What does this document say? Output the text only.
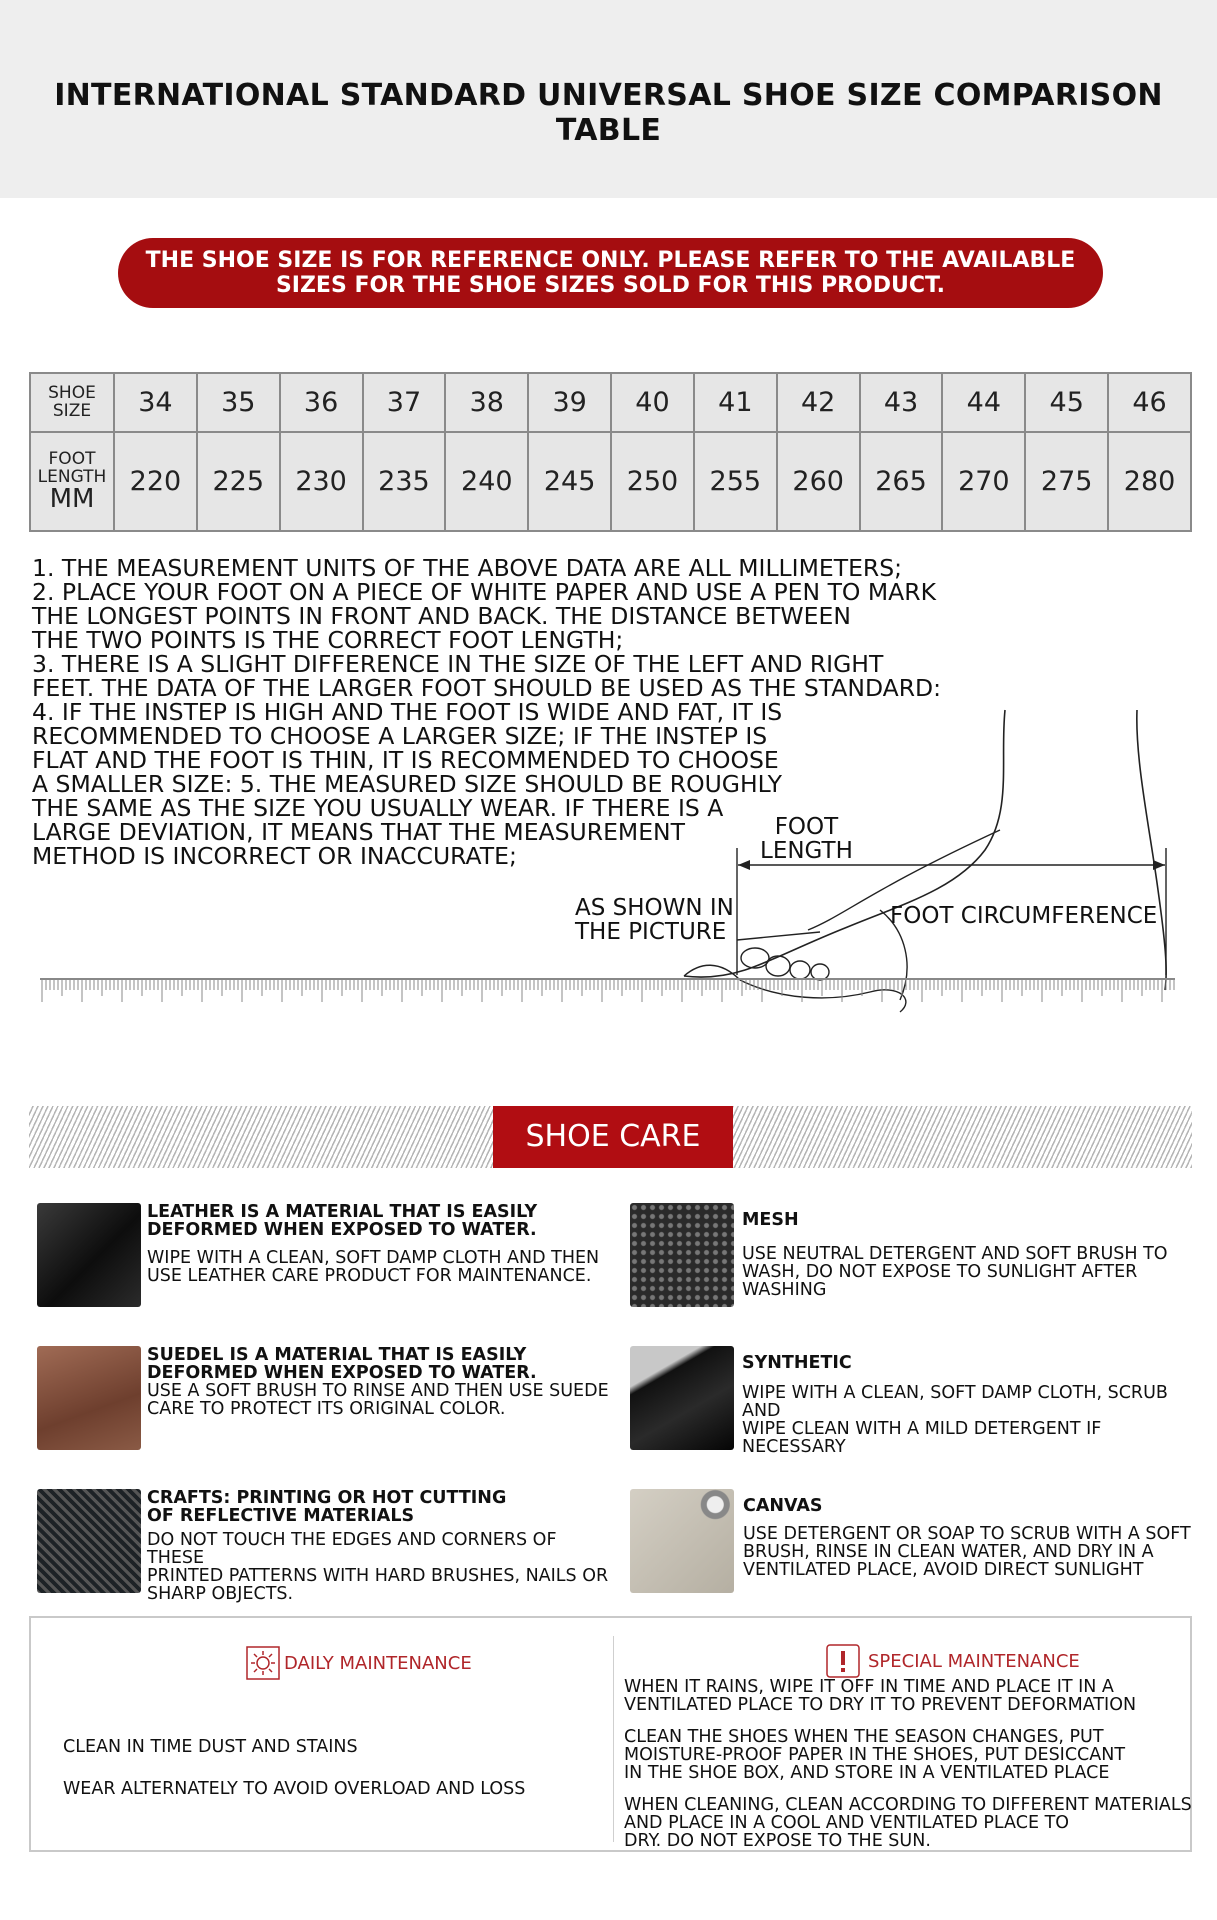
INTERNATIONAL STANDARD UNIVERSAL SHOE SIZE COMPARISON TABLE
THE SHOE SIZE IS FOR REFERENCE ONLY. PLEASE REFER TO THE AVAILABLE
SIZES FOR THE SHOE SIZES SOLD FOR THIS PRODUCT.
SHOE
SIZE	34	35	36	37	38	39	40	41	42	43	44	45	46

FOOT
LENGTH
MM	220	225	230	235	240	245	250	255	260	265	270	275	280
1. THE MEASUREMENT UNITS OF THE ABOVE DATA ARE ALL MILLIMETERS;
2. PLACE YOUR FOOT ON A PIECE OF WHITE PAPER AND USE A PEN TO MARK
THE LONGEST POINTS IN FRONT AND BACK. THE DISTANCE BETWEEN
THE TWO POINTS IS THE CORRECT FOOT LENGTH;
3. THERE IS A SLIGHT DIFFERENCE IN THE SIZE OF THE LEFT AND RIGHT
FEET. THE DATA OF THE LARGER FOOT SHOULD BE USED AS THE STANDARD:
4. IF THE INSTEP IS HIGH AND THE FOOT IS WIDE AND FAT, IT IS
RECOMMENDED TO CHOOSE A LARGER SIZE; IF THE INSTEP IS
FLAT AND THE FOOT IS THIN, IT IS RECOMMENDED TO CHOOSE
A SMALLER SIZE: 5. THE MEASURED SIZE SHOULD BE ROUGHLY
THE SAME AS THE SIZE YOU USUALLY WEAR. IF THERE IS A
LARGE DEVIATION, IT MEANS THAT THE MEASUREMENT
METHOD IS INCORRECT OR INACCURATE;
FOOT
LENGTH
AS SHOWN IN
THE PICTURE
FOOT CIRCUMFERENCE
SHOE CARE
LEATHER IS A MATERIAL THAT IS EASILY
DEFORMED WHEN EXPOSED TO WATER.
WIPE WITH A CLEAN, SOFT DAMP CLOTH AND THEN
USE LEATHER CARE PRODUCT FOR MAINTENANCE.
MESH
USE NEUTRAL DETERGENT AND SOFT BRUSH TO
WASH, DO NOT EXPOSE TO SUNLIGHT AFTER WASHING
SUEDEL IS A MATERIAL THAT IS EASILY
DEFORMED WHEN EXPOSED TO WATER.
USE A SOFT BRUSH TO RINSE AND THEN USE SUEDE
CARE TO PROTECT ITS ORIGINAL COLOR.
SYNTHETIC
WIPE WITH A CLEAN, SOFT DAMP CLOTH, SCRUB AND
WIPE CLEAN WITH A MILD DETERGENT IF NECESSARY
CRAFTS: PRINTING OR HOT CUTTING
OF REFLECTIVE MATERIALS
DO NOT TOUCH THE EDGES AND CORNERS OF THESE
PRINTED PATTERNS WITH HARD BRUSHES, NAILS OR
SHARP OBJECTS.
CANVAS
USE DETERGENT OR SOAP TO SCRUB WITH A SOFT
BRUSH, RINSE IN CLEAN WATER, AND DRY IN A
VENTILATED PLACE, AVOID DIRECT SUNLIGHT
DAILY MAINTENANCE
CLEAN IN TIME DUST AND STAINS
WEAR ALTERNATELY TO AVOID OVERLOAD AND LOSS
SPECIAL MAINTENANCE
WHEN IT RAINS, WIPE IT OFF IN TIME AND PLACE IT IN A
VENTILATED PLACE TO DRY IT TO PREVENT DEFORMATION
CLEAN THE SHOES WHEN THE SEASON CHANGES, PUT
MOISTURE-PROOF PAPER IN THE SHOES, PUT DESICCANT
IN THE SHOE BOX, AND STORE IN A VENTILATED PLACE
WHEN CLEANING, CLEAN ACCORDING TO DIFFERENT MATERIALS
AND PLACE IN A COOL AND VENTILATED PLACE TO
DRY. DO NOT EXPOSE TO THE SUN.
